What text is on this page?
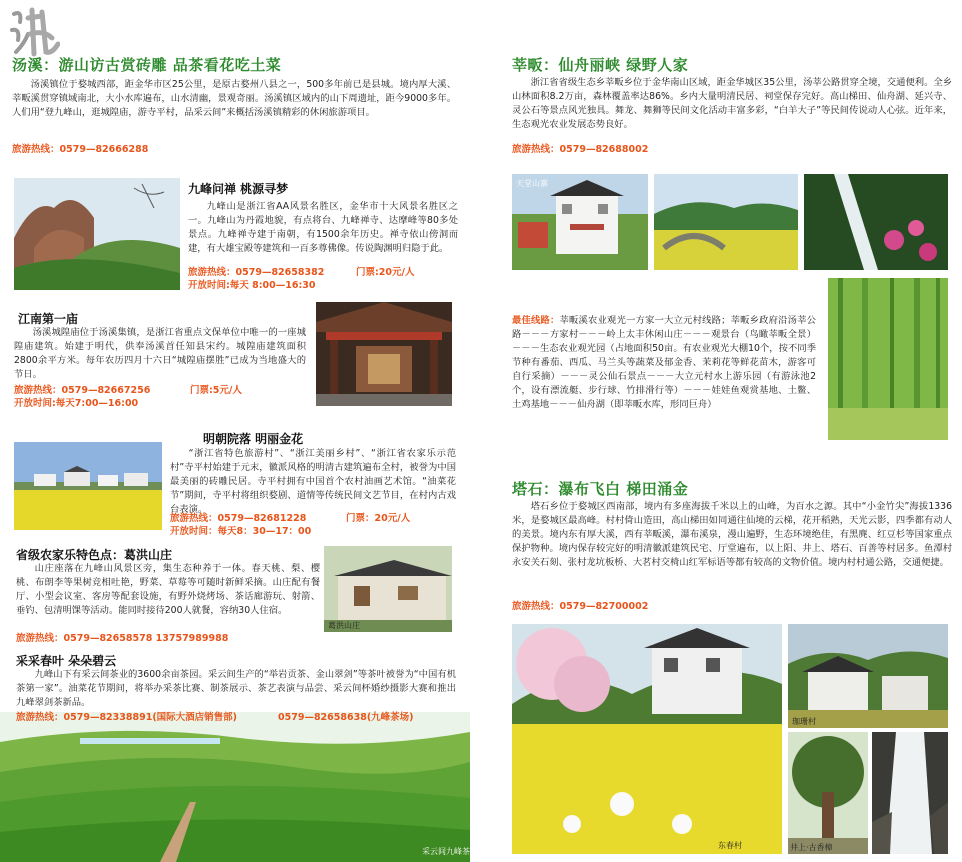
汤溪：游山访古赏砖雕 品茶看花吃土菜
汤溪镇位于婺城西部，距金华市区25公里，是原古婺州八县之一，500多年前已是县城。境内厚大溪、莘畈溪贯穿镇域南北，大小水库遍布，山水清幽，景观奇丽。汤溪镇区域内的山下周遗址，距今9000多年。人们用“登九峰山，逛城隍庙，游寺平村，品采云间”来概括汤溪镇精彩的休闲旅游项目。
旅游热线：0579—82666288
九峰问禅 桃源寻梦
九峰山是浙江省AA风景名胜区，金华市十大风景名胜区之一。九峰山为丹霞地貌，有点将台、九峰禅寺、达摩峰等80多处景点。九峰禅寺建于南朝，有1500余年历史。禅寺依山傍洞而建，有大雄宝殿等建筑和一百多尊佛像。传说陶渊明归隐于此。
旅游热线：0579—82658382	门票:20元/人
开放时间:每天 8:00—16:30
江南第一庙
汤溪城隍庙位于汤溪集镇，是浙江省重点文保单位中唯一的一座城隍庙建筑。始建于明代，供奉汤溪首任知县宋约。城隍庙建筑面积2800余平方米。每年农历四月十六日“城隍庙摆胜”已成为当地盛大的节日。
旅游热线：0579—82667256	门票:5元/人
开放时间:每天7:00—16:00
明朝院落 明丽金花
“浙江省特色旅游村”、“浙江美丽乡村”、“浙江省农家乐示范村”寺平村始建于元末，徽派风格的明清古建筑遍布全村，被誉为中国最美丽的砖雕民居。寺平村拥有中国首个农村油画艺术馆。“油菜花节”期间，寺平村将组织婺剧、道情等传统民间文艺节目，在村内古戏台表演。
旅游热线：0579—82681228	门票：20元/人
开放时间：每天8：30—17：00
省级农家乐特色点：葛洪山庄
山庄座落在九峰山风景区旁，集生态种养于一体。春天桃、梨、樱桃、布朗李等果树竞相吐艳，野菜、草莓等可随时新鲜采摘。山庄配有餐厅、小型会议室、客房等配套设施，有野外烧烤场、茶话廊游玩、射箭、垂钓、包清明馃等活动。能同时接待200人就餐，容纳30人住宿。
旅游热线：0579—82658578 13757989988
葛洪山庄
采采春叶 朵朵碧云
九峰山下有采云间茶业的3600余亩茶园。采云间生产的“举岩贡茶、金山翠剑”等茶叶被誉为“中国有机茶第一家”。油菜花节期间，将举办采茶比赛、制茶展示、茶艺表演与品尝、采云间杯婚纱摄影大赛和推出九峰翠剑茶新品。
旅游热线：0579—82338891(国际大酒店销售部)	0579—82658638(九峰茶场)
采云间九峰茶场
莘畈：仙舟丽峡 绿野人家
浙江省省级生态乡莘畈乡位于金华南山区域，距金华城区35公里，汤莘公路贯穿全境，交通便利。全乡山林面积8.2万亩，森林覆盖率达86%。乡内大量明清民居、祠堂保存完好。高山梯田、仙舟湖、延兴寺、灵公石等景点风光独具。舞龙、舞狮等民间文化活动丰富多彩，“白羊大子”等民间传说动人心弦。近年来，生态观光农业发展态势良好。
旅游热线：0579—82688002
天堂山寨
最佳线路：莘畈溪农业观光一方家一大立元村线路；莘畈乡政府沿汤莘公路－－－方家村－－－岭上太丰休闲山庄－－－观景台（鸟瞰莘畈全景）－－－生态农业观光园（占地面积50亩。有农业观光大棚10个，按不同季节种有番茄、西瓜、马兰头等蔬菜及郁金香、茉莉花等鲜花苗木，游客可自行采摘）－－－灵公仙石景点－－－大立元村水上游乐园（有游泳池2个，设有漂流艇、步行球、竹排滑行等）－－－娃娃鱼观赏基地、土鳖、土鸡基地－－－仙舟湖（即莘畈水库，形同巨舟）
塔石：瀑布飞白 梯田涌金
塔石乡位于婺城区西南部，境内有多座海拔千米以上的山峰，为百水之源。其中“小金竹尖”海拔1336米，是婺城区最高峰。村村倚山造田，高山梯田如同通往仙境的云梯，花开稻熟，天光云影，四季都有动人的美景。境内东有厚大溪，西有莘畈溪，瀑布溪泉，漫山遍野，生态环境绝佳，有黑麂、红豆杉等国家重点保护物种。境内保存较完好的明清徽派建筑民宅、厅堂遍布，以上阳、井上、塔石、百善等村居多。鱼潭村永安关石刻、张村龙坑板桥、大茗村交椅山红军标语等都有较高的文物价值。境内村村通公路，交通便捷。
旅游热线：0579—82700002
东春村
珈珊村
井上·古香樟
